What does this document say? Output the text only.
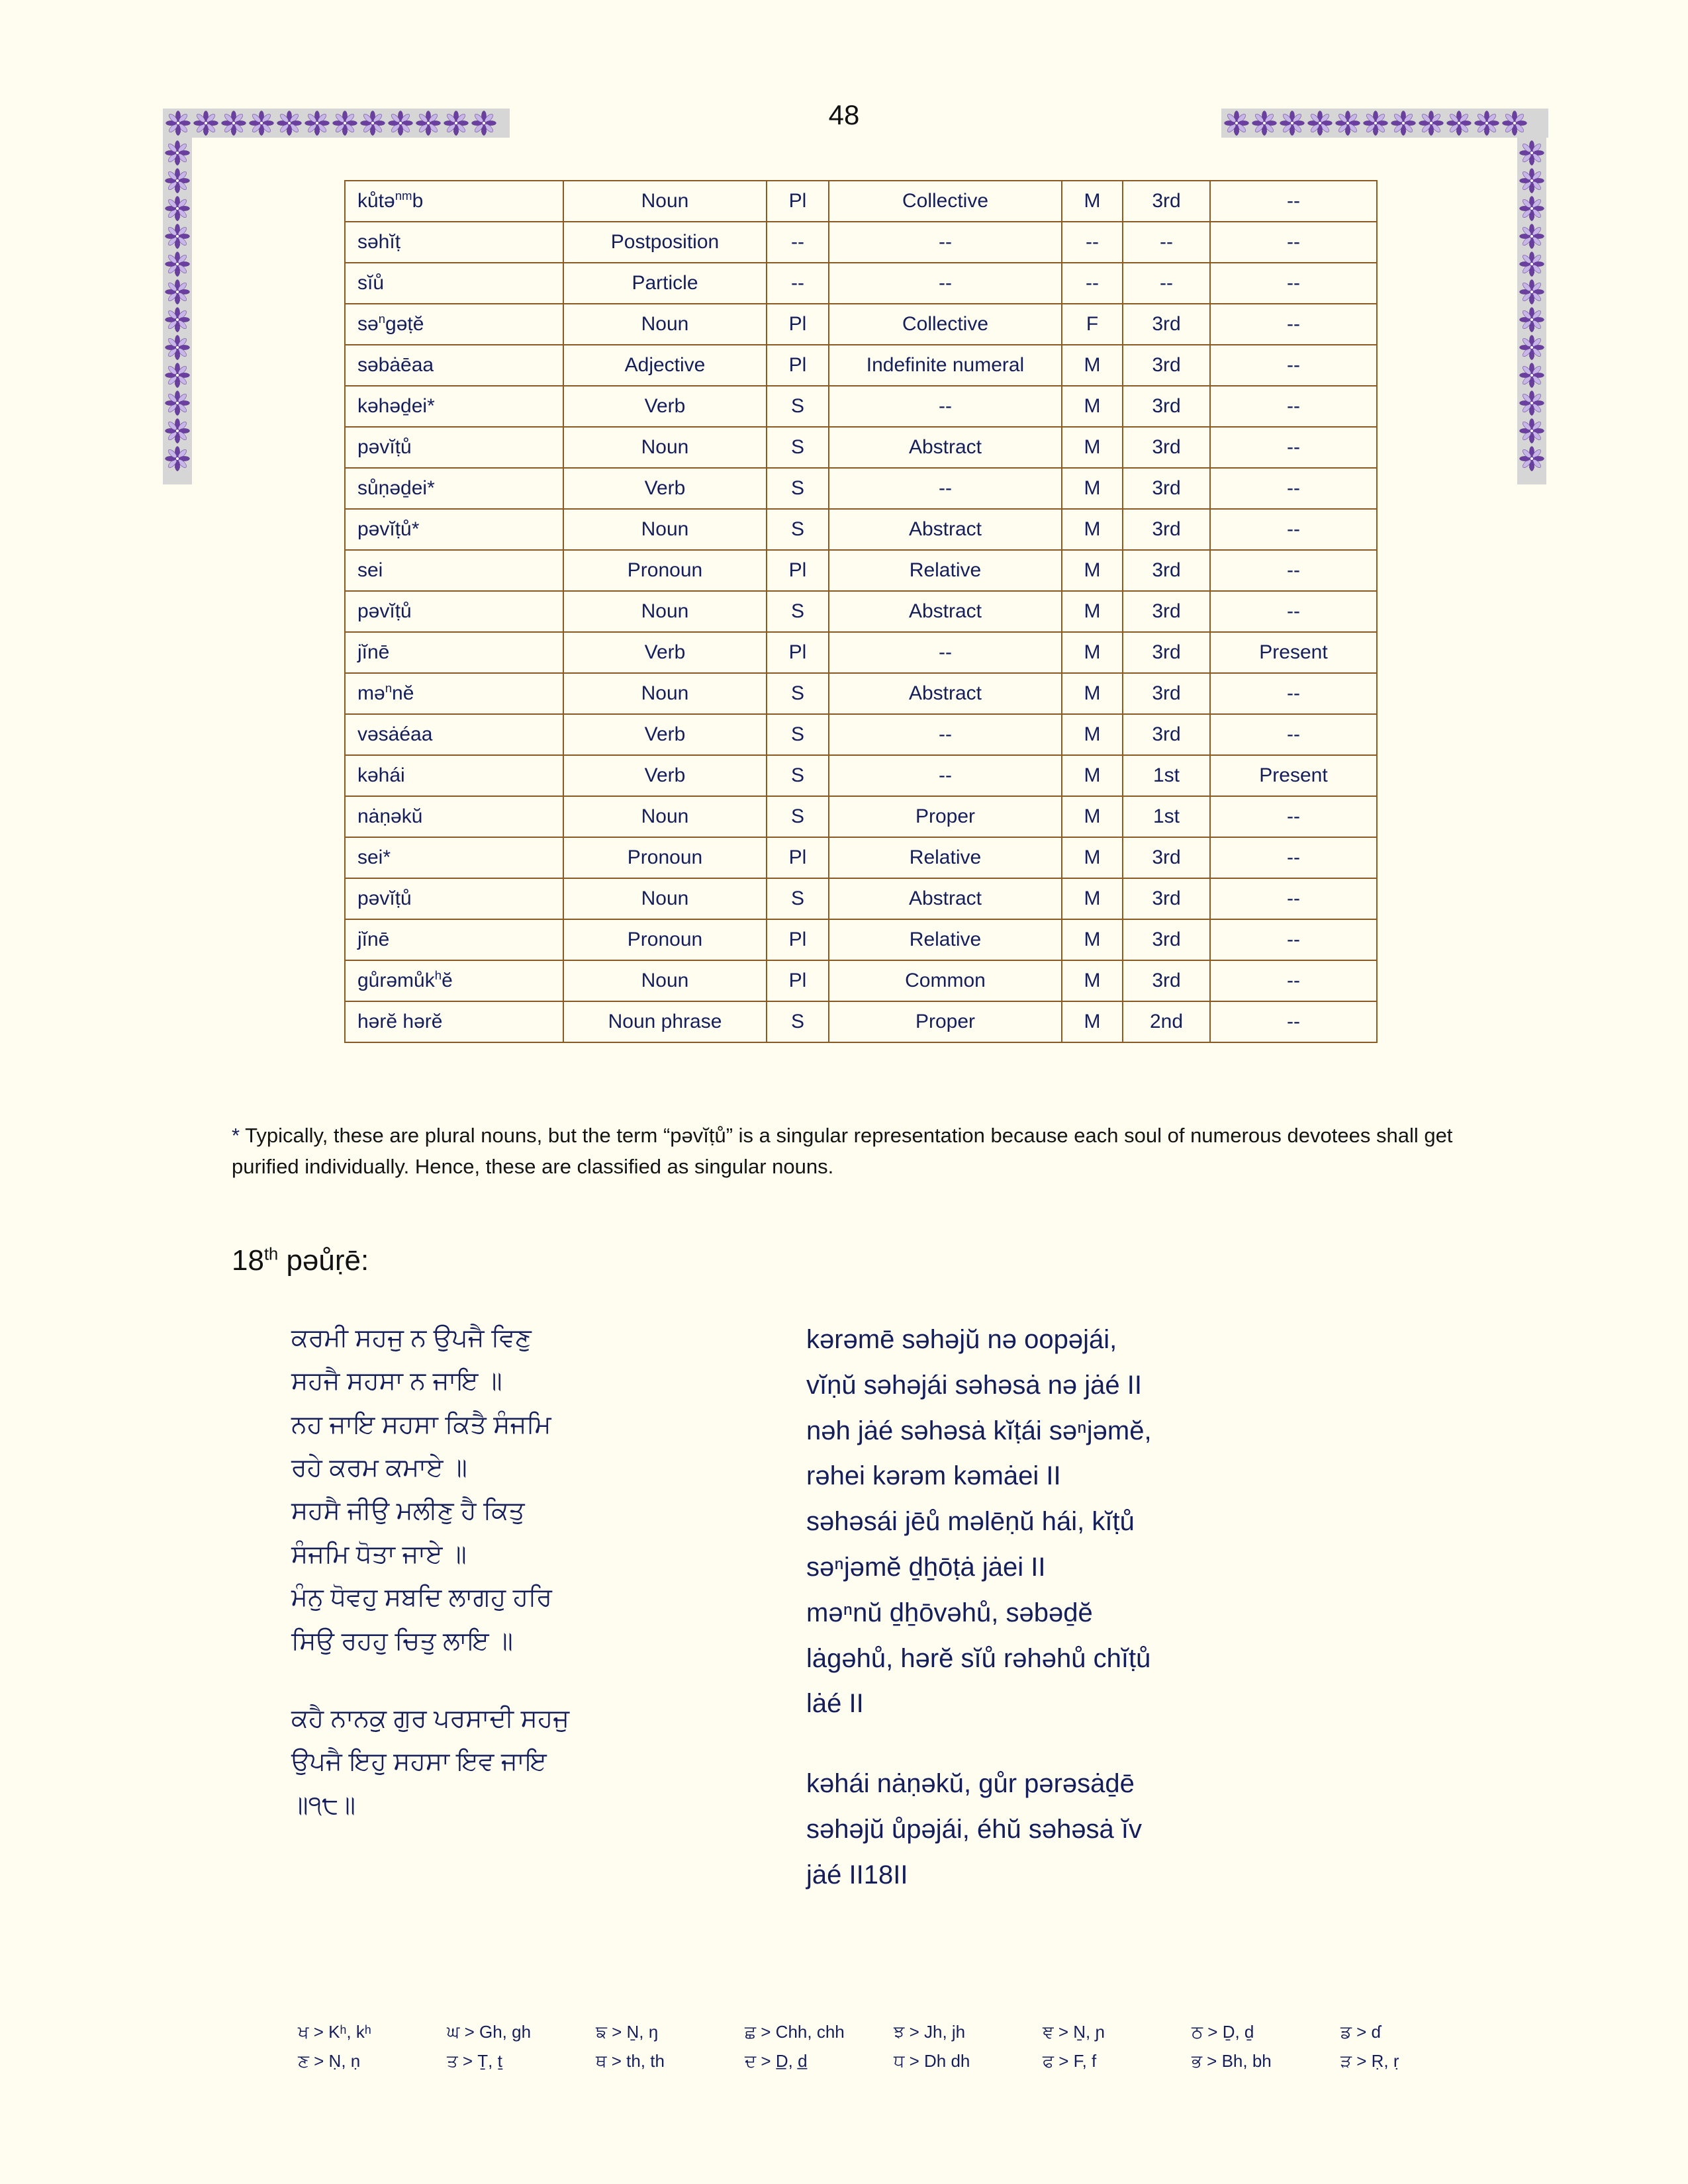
48
kůtə$^{nm}$b	Noun	Pl	Collective	M	3rd	--
səhĭṭ	Postposition	--	--	--	--	--
sĭů	Particle	--	--	--	--	--
sə$^n$gəṭĕ	Noun	Pl	Collective	F	3rd	--
səbȧēaa	Adjective	Pl	Indefinite numeral	M	3rd	--
kəhəḏei*	Verb	S	--	M	3rd	--
pəvĭṭů	Noun	S	Abstract	M	3rd	--
sůṇəḏei*	Verb	S	--	M	3rd	--
pəvĭṭů*	Noun	S	Abstract	M	3rd	--
sei	Pronoun	Pl	Relative	M	3rd	--
pəvĭṭů	Noun	S	Abstract	M	3rd	--
jĭnē	Verb	Pl	--	M	3rd	Present
mə$^n$nĕ	Noun	S	Abstract	M	3rd	--
vəsȧéaa	Verb	S	--	M	3rd	--
kəhái	Verb	S	--	M	1st	Present
nȧṇəkŭ	Noun	S	Proper	M	1st	--
sei*	Pronoun	Pl	Relative	M	3rd	--
pəvĭṭů	Noun	S	Abstract	M	3rd	--
jĭnē	Pronoun	Pl	Relative	M	3rd	--
gůrəmůk$^h$ĕ	Noun	Pl	Common	M	3rd	--
hərĕ hərĕ	Noun phrase	S	Proper	M	2nd	--
* Typically, these are plural nouns, but the term “pəvĭṭů” is a singular representation because each soul of numerous devotees shall get purified individually. Hence, these are classified as singular nouns.
18th pəůṛē:
ਕਰਮੀ ਸਹਜੁ ਨ ਉਪਜੈ ਵਿਣੁ
ਸਹਜੈ ਸਹਸਾ ਨ ਜਾਇ ॥
ਨਹ ਜਾਇ ਸਹਸਾ ਕਿਤੈ ਸੰਜਮਿ
ਰਹੇ ਕਰਮ ਕਮਾਏ ॥
ਸਹਸੈ ਜੀਉ ਮਲੀਣੁ ਹੈ ਕਿਤੁ
ਸੰਜਮਿ ਧੋਤਾ ਜਾਏ ॥
ਮੰਨੁ ਧੋਵਹੁ ਸਬਦਿ ਲਾਗਹੁ ਹਰਿ
ਸਿਉ ਰਹਹੁ ਚਿਤੁ ਲਾਇ ॥
ਕਹੈ ਨਾਨਕੁ ਗੁਰ ਪਰਸਾਦੀ ਸਹਜੁ
ਉਪਜੈ ਇਹੁ ਸਹਸਾ ਇਵ ਜਾਇ
॥੧੮॥
kərəmē səhəjŭ nə oopəjái,
vĭṇŭ səhəjái səhəsȧ nə jȧé II
nəh jȧé səhəsȧ kĭṭái səⁿjəmĕ,
rəhei kərəm kəmȧei II
səhəsái jēů məlēṇŭ hái, kĭṭů
səⁿjəmĕ ḏẖōṭȧ jȧei II
məⁿnŭ ḏẖōvəhů, səbəḏĕ
lȧgəhů, hərĕ sĭů rəhəhů chĭṭů
lȧé II
kəhái nȧṇəkŭ, gůr pərəsȧḏē
səhəjŭ ůpəjái, éhŭ səhəsȧ ĭv
jȧé II18II
ਖ > Kʰ, kʰ	ਘ > Gh, gh	ਙ > Ṉ, ŋ	ਛ > Chh, chh	ਝ > Jh, jh	ਞ > Ṉ, ɲ	ਠ > Ḏ, ḏ	ਡ > ɗ
ਣ > Ṇ, ṇ	ਤ > Ṯ, ṯ	ਥ > th, th	ਦ > D̲, d̲	ਧ > Dh dh	ਫ > F, f	ਭ > Bh, bh	ੜ > Ṛ, ṛ
